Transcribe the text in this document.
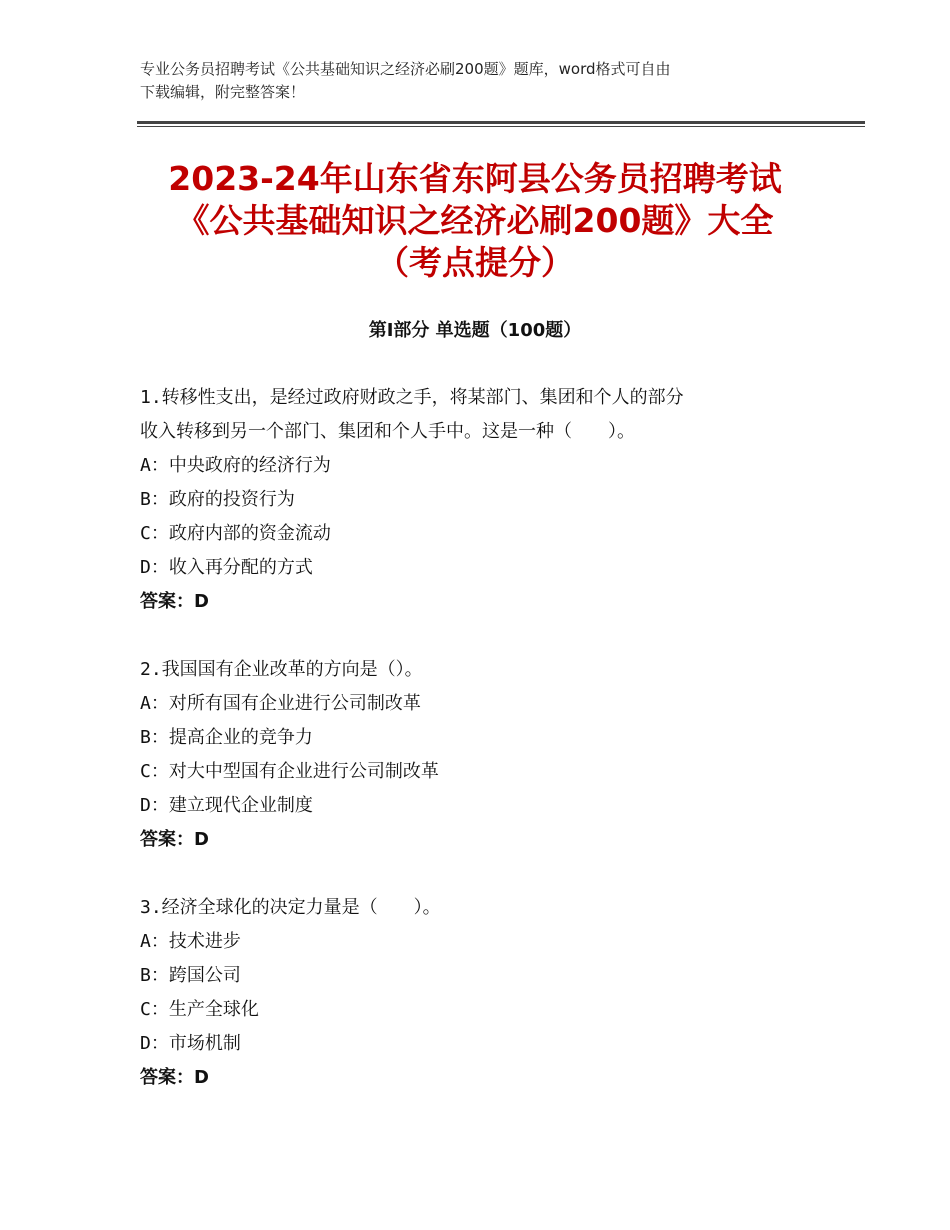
专业公务员招聘考试《公共基础知识之经济必刷200题》题库，word格式可自由
下载编辑，附完整答案！
2023-24年山东省东阿县公务员招聘考试
《公共基础知识之经济必刷200题》大全
（考点提分）
第I部分 单选题（100题）
1.转移性支出，是经过政府财政之手，将某部门、集团和个人的部分
收入转移到另一个部门、集团和个人手中。这是一种（　　）。
A：中央政府的经济行为
B：政府的投资行为
C：政府内部的资金流动
D：收入再分配的方式
答案：D
2.我国国有企业改革的方向是（）。
A：对所有国有企业进行公司制改革
B：提高企业的竞争力
C：对大中型国有企业进行公司制改革
D：建立现代企业制度
答案：D
3.经济全球化的决定力量是（　　）。
A：技术进步
B：跨国公司
C：生产全球化
D：市场机制
答案：D
